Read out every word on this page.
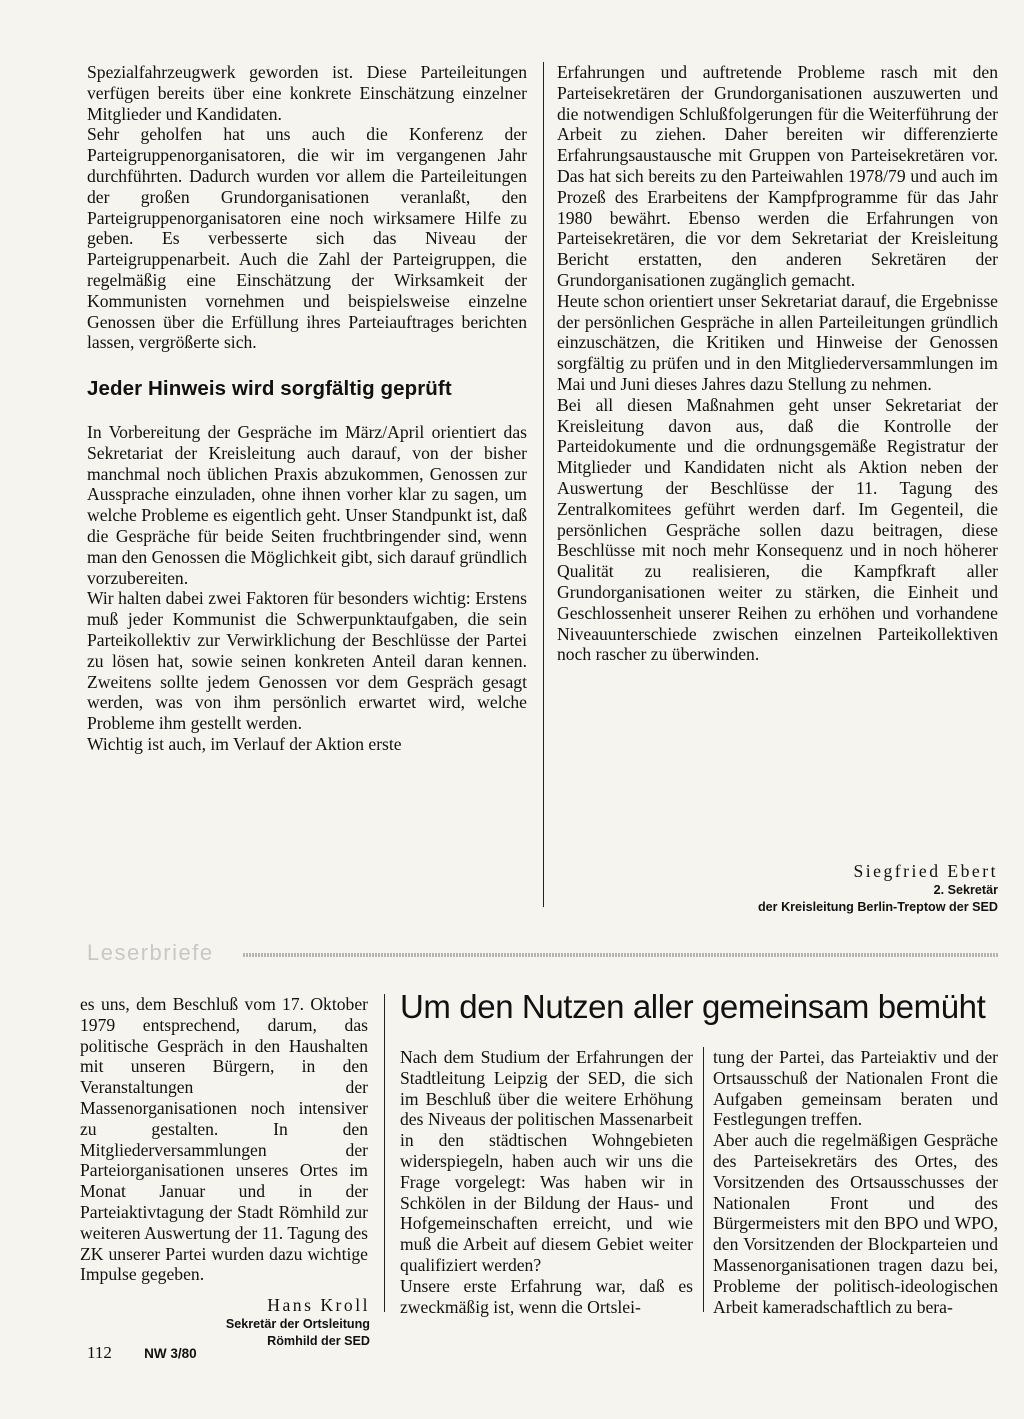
Spezialfahrzeugwerk geworden ist. Diese Parteileitungen verfügen bereits über eine konkrete Einschätzung einzelner Mitglieder und Kandidaten.

Sehr geholfen hat uns auch die Konferenz der Parteigruppenorganisatoren, die wir im vergangenen Jahr durchführten. Dadurch wurden vor allem die Parteileitungen der großen Grundorganisationen veranlaßt, den Parteigruppenorganisatoren eine noch wirksamere Hilfe zu geben. Es verbesserte sich das Niveau der Parteigruppenarbeit. Auch die Zahl der Parteigruppen, die regelmäßig eine Einschätzung der Wirksamkeit der Kommunisten vornehmen und beispielsweise einzelne Genossen über die Erfüllung ihres Parteiauftrages berichten lassen, vergrößerte sich.

Jeder Hinweis wird sorgfältig geprüft

In Vorbereitung der Gespräche im März/April orientiert das Sekretariat der Kreisleitung auch darauf, von der bisher manchmal noch üblichen Praxis abzukommen, Genossen zur Aussprache einzuladen, ohne ihnen vorher klar zu sagen, um welche Probleme es eigentlich geht. Unser Standpunkt ist, daß die Gespräche für beide Seiten fruchtbringender sind, wenn man den Genossen die Möglichkeit gibt, sich darauf gründlich vorzubereiten.

Wir halten dabei zwei Faktoren für besonders wichtig: Erstens muß jeder Kommunist die Schwerpunktaufgaben, die sein Parteikollektiv zur Verwirklichung der Beschlüsse der Partei zu lösen hat, sowie seinen konkreten Anteil daran kennen. Zweitens sollte jedem Genossen vor dem Gespräch gesagt werden, was von ihm persönlich erwartet wird, welche Probleme ihm gestellt werden.

Wichtig ist auch, im Verlauf der Aktion erste

Erfahrungen und auftretende Probleme rasch mit den Parteisekretären der Grundorganisationen auszuwerten und die notwendigen Schlußfolgerungen für die Weiterführung der Arbeit zu ziehen. Daher bereiten wir differenzierte Erfahrungsaustausche mit Gruppen von Parteisekretären vor. Das hat sich bereits zu den Parteiwahlen 1978/79 und auch im Prozeß des Erarbeitens der Kampfprogramme für das Jahr 1980 bewährt. Ebenso werden die Erfahrungen von Parteisekretären, die vor dem Sekretariat der Kreisleitung Bericht erstatten, den anderen Sekretären der Grundorganisationen zugänglich gemacht.

Heute schon orientiert unser Sekretariat darauf, die Ergebnisse der persönlichen Gespräche in allen Parteileitungen gründlich einzuschätzen, die Kritiken und Hinweise der Genossen sorgfältig zu prüfen und in den Mitgliederversammlungen im Mai und Juni dieses Jahres dazu Stellung zu nehmen.

Bei all diesen Maßnahmen geht unser Sekretariat der Kreisleitung davon aus, daß die Kontrolle der Parteidokumente und die ordnungsgemäße Registratur der Mitglieder und Kandidaten nicht als Aktion neben der Auswertung der Beschlüsse der 11. Tagung des Zentralkomitees geführt werden darf. Im Gegenteil, die persönlichen Gespräche sollen dazu beitragen, diese Beschlüsse mit noch mehr Konsequenz und in noch höherer Qualität zu realisieren, die Kampfkraft aller Grundorganisationen weiter zu stärken, die Einheit und Geschlossenheit unserer Reihen zu erhöhen und vorhandene Niveauunterschiede zwischen einzelnen Parteikollektiven noch rascher zu überwinden.

Siegfried Ebert
2. Sekretär
der Kreisleitung Berlin-Treptow der SED
Leserbriefe

es uns, dem Beschluß vom 17. Oktober 1979 entsprechend, darum, das politische Gespräch in den Haushalten mit unseren Bürgern, in den Veranstaltungen der Massenorganisationen noch intensiver zu gestalten. In den Mitgliederversammlungen der Parteiorganisationen unseres Ortes im Monat Januar und in der Parteiaktivtagung der Stadt Römhild zur weiteren Auswertung der 11. Tagung des ZK unserer Partei wurden dazu wichtige Impulse gegeben.

Hans Kroll
Sekretär der Ortsleitung
Römhild der SED
Um den Nutzen aller gemeinsam bemüht

Nach dem Studium der Erfahrungen der Stadtleitung Leipzig der SED, die sich im Beschluß über die weitere Erhöhung des Niveaus der politischen Massenarbeit in den städtischen Wohngebieten widerspiegeln, haben auch wir uns die Frage vorgelegt: Was haben wir in Schkölen in der Bildung der Haus- und Hofgemeinschaften erreicht, und wie muß die Arbeit auf diesem Gebiet weiter qualifiziert werden?

Unsere erste Erfahrung war, daß es zweckmäßig ist, wenn die Ortslei-

tung der Partei, das Parteiaktiv und der Ortsausschuß der Nationalen Front die Aufgaben gemeinsam beraten und Festlegungen treffen.

Aber auch die regelmäßigen Gespräche des Parteisekretärs des Ortes, des Vorsitzenden des Ortsausschusses der Nationalen Front und des Bürgermeisters mit den BPO und WPO, den Vorsitzenden der Blockparteien und Massenorganisationen tragen dazu bei, Probleme der politisch-ideologischen Arbeit kameradschaftlich zu bera-

112 NW 3/80
